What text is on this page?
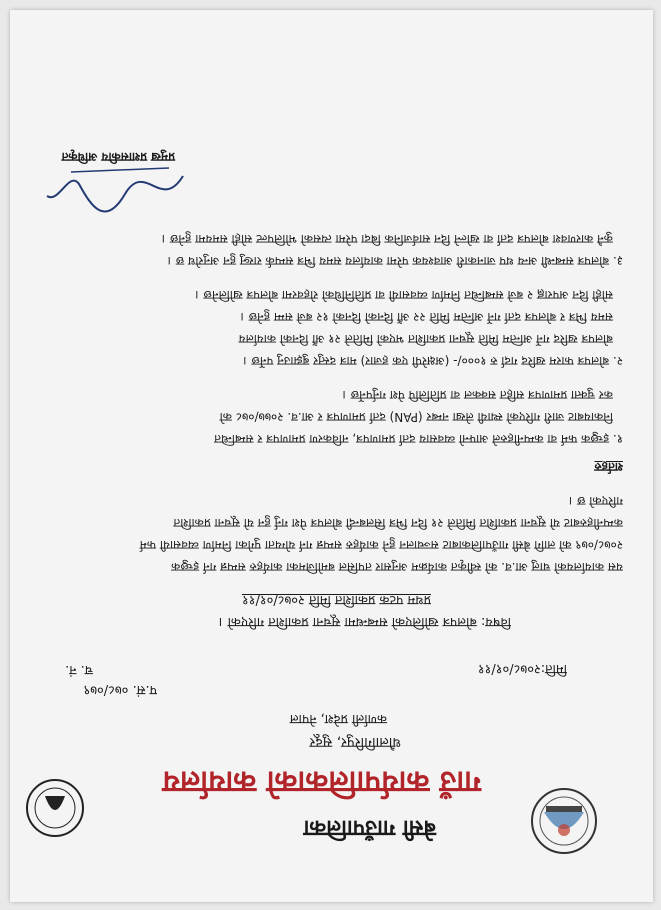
बेसी गाउँपालिका
गाउँ कार्यपालिकाको कार्यालय
धौलागिरिपुर, सुदूर
कर्णाली प्रदेश, नेपाल
प.सं. ०७८/०७९
च. नं.	मिति:२०७८/०१/११
विषय: बोलपत्र खोलिएको सम्बन्धमा सूचना प्रकाशित गरिएको ।
प्रथम पटक प्रकाशित मिति २०७८/०१/११
यस कार्यालयको चालु आ.व. को स्वीकृत कार्यक्रम अनुसार तपसिल बमोजिमका कार्यहरु सम्पन्न गर्न इच्छुक
२०७८/०७९ को लागि बेसी गाउँपालिकाबाट सञ्चालन हुने कार्यहरु सम्पन्न गर्न योग्यता पुगेका निर्माण व्यवसायी फर्म
कम्पनीहरुबाट यो सूचना प्रकाशित मितिले २१ दिन भित्र सिलबन्दी बोलपत्र पेश गर्नु हुन यो सूचना प्रकाशित
गरिएको छ ।
शर्तहरु
१. इच्छुक फर्म वा कम्पनीहरुले आफ्नो व्यवसाय दर्ता प्रमाणपत्र, नविकरण प्रमाणपत्र र सम्बन्धित
निकायबाट जारी गरिएको स्थायी लेखा नम्बर (PAN) दर्ता प्रमाणपत्र र आ.व. २०७७/०७८ को
कर चुक्ता प्रमाणपत्र सहित सक्कल वा प्रतिलिपि पेश गर्नुपर्नेछ ।
२. बोलपत्र फारम खरिद गर्दा रु १०००/- (अक्षरेपी एक हजार) मात्र दस्तुर बुझाउनु पर्नेछ ।
बोलपत्र खरिद गर्ने अन्तिम मिति सूचना प्रकाशित भएको मितिले २१ औं दिनको कार्यालय
समय भित्र र बोलपत्र दर्ता गर्ने अन्तिम मिति २२ औं दिनको दिनको १२ बजे सम्म हुनेछ ।
सोही दिन अपराह्न २ बजे सम्बन्धित निर्माण व्यवसायी वा प्रतिनिधिको रोहवरमा बोलपत्र खोलिनेछ ।
३. बोलपत्र सम्बन्धी अन्य थप जानकारी आवश्यक परेमा कार्यालय समय भित्र सम्पर्क राख्नु हुन अनुरोध छ ।
कुनै कारणवश बोलपत्र दर्ता वा खोल्ने दिन सार्वजनिक बिदा परेमा त्यसको भोलिपल्ट सोही समयमा हुनेछ ।
प्रमुख प्रशासकीय अधिकृत
